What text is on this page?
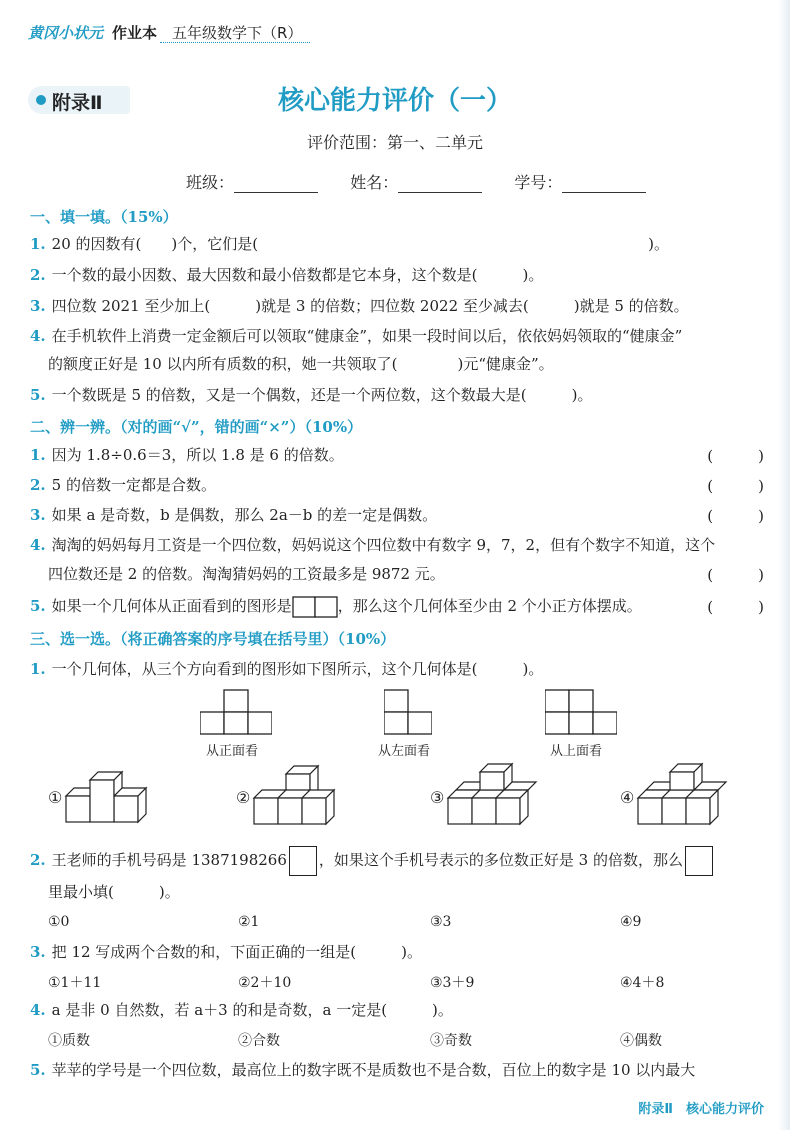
黄冈小状元 作业本 五年级数学下（R）
附录Ⅱ	核心能力评价（一）
评价范围：第一、二单元
班级：	姓名：	学号：
一、填一填。（15%）
1. 20 的因数有(　　)个，它们是(　　　　　　　　　　　　　　　　　　　　　　　　　　)。
2. 一个数的最小因数、最大因数和最小倍数都是它本身，这个数是(　　　)。
3. 四位数 2021 至少加上(　　　)就是 3 的倍数；四位数 2022 至少减去(　　　)就是 5 的倍数。
4. 在手机软件上消费一定金额后可以领取“健康金”，如果一段时间以后，依依妈妈领取的“健康金”
的额度正好是 10 以内所有质数的积，她一共领取了(　　　　)元“健康金”。
5. 一个数既是 5 的倍数，又是一个偶数，还是一个两位数，这个数最大是(　　　)。
二、辨一辨。（对的画“√”，错的画“×”）（10%）
1. 因为 1.8÷0.6＝3，所以 1.8 是 6 的倍数。	(　　　)
2. 5 的倍数一定都是合数。	(　　　)
3. 如果 a 是奇数，b 是偶数，那么 2a－b 的差一定是偶数。	(　　　)
4. 淘淘的妈妈每月工资是一个四位数，妈妈说这个四位数中有数字 9，7，2，但有个数字不知道，这个
四位数还是 2 的倍数。淘淘猜妈妈的工资最多是 9872 元。	(　　　)
5. 如果一个几何体从正面看到的图形是	，那么这个几何体至少由 2 个小正方体摆成。	(　　　)
三、选一选。（将正确答案的序号填在括号里）（10%）
1. 一个几何体，从三个方向看到的图形如下图所示，这个几何体是(　　　)。
从正面看	从左面看	从上面看
①	②	③	④
2. 王老师的手机号码是 1387198266 ，如果这个手机号表示的多位数正好是 3 的倍数，那么
里最小填(　　　)。
①0	②1	③3	④9
3. 把 12 写成两个合数的和，下面正确的一组是(　　　)。
①1＋11	②2＋10	③3＋9	④4＋8
4. a 是非 0 自然数，若 a＋3 的和是奇数，a 一定是(　　　)。
①质数	②合数	③奇数	④偶数
5. 苹苹的学号是一个四位数，最高位上的数字既不是质数也不是合数，百位上的数字是 10 以内最大
附录Ⅱ　核心能力评价
